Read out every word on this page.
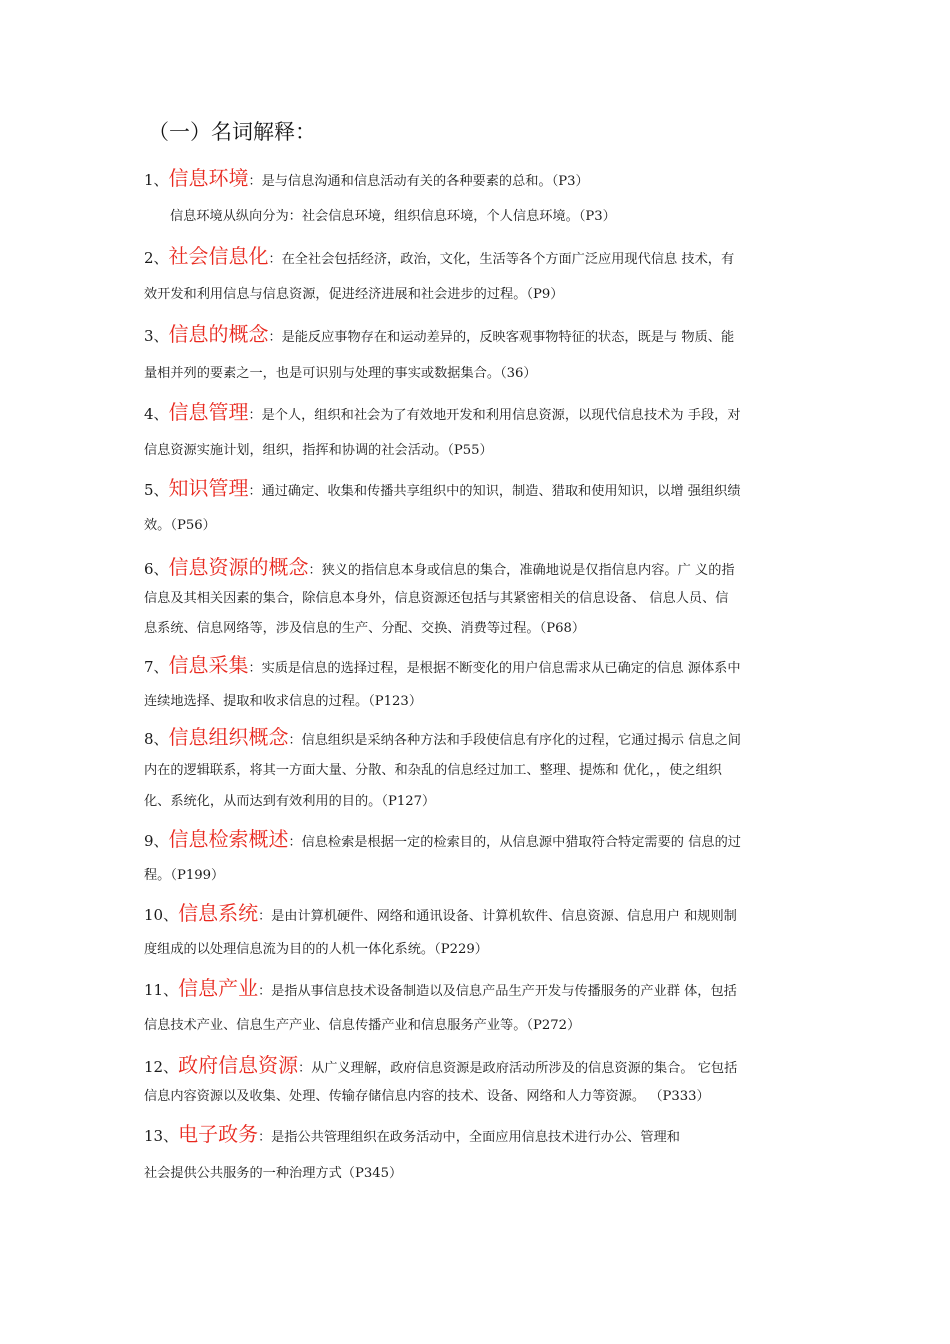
（一）名词解释：
1、信息环境：是与信息沟通和信息活动有关的各种要素的总和。（P3）
信息环境从纵向分为：社会信息环境，组织信息环境，个人信息环境。（P3）
2、社会信息化：在全社会包括经济，政治，文化，生活等各个方面广泛应用现代信息 技术，有
效开发和利用信息与信息资源，促进经济进展和社会进步的过程。（P9）
3、信息的概念：是能反应事物存在和运动差异的，反映客观事物特征的状态，既是与 物质、能
量相并列的要素之一，也是可识别与处理的事实或数据集合。（36）
4、信息管理：是个人，组织和社会为了有效地开发和利用信息资源，以现代信息技术为 手段，对
信息资源实施计划，组织，指挥和协调的社会活动。（P55）
5、知识管理：通过确定、收集和传播共享组织中的知识，制造、猎取和使用知识，以增 强组织绩
效。（P56）
6、信息资源的概念：狭义的指信息本身或信息的集合，准确地说是仅指信息内容。广 义的指
信息及其相关因素的集合，除信息本身外，信息资源还包括与其紧密相关的信息设备、 信息人员、信
息系统、信息网络等，涉及信息的生产、分配、交换、消费等过程。（P68）
7、信息采集：实质是信息的选择过程，是根据不断变化的用户信息需求从已确定的信息 源体系中
连续地选择、提取和收求信息的过程。（P123）
8、信息组织概念：信息组织是采纳各种方法和手段使信息有序化的过程，它通过揭示 信息之间
内在的逻辑联系，将其一方面大量、分散、和杂乱的信息经过加工、整理、提炼和 优化，，使之组织
化、系统化，从而达到有效利用的目的。（P127）
9、信息检索概述：信息检索是根据一定的检索目的，从信息源中猎取符合特定需要的 信息的过
程。（P199）
10、信息系统：是由计算机硬件、网络和通讯设备、计算机软件、信息资源、信息用户 和规则制
度组成的以处理信息流为目的的人机一体化系统。（P229）
11、信息产业：是指从事信息技术设备制造以及信息产品生产开发与传播服务的产业群 体，包括
信息技术产业、信息生产产业、信息传播产业和信息服务产业等。（P272）
12、政府信息资源：从广义理解，政府信息资源是政府活动所涉及的信息资源的集合。 它包括
信息内容资源以及收集、处理、传输存储信息内容的技术、设备、网络和人力等资源。 （P333）
13、电子政务：是指公共管理组织在政务活动中，全面应用信息技术进行办公、管理和
社会提供公共服务的一种治理方式（P345）
